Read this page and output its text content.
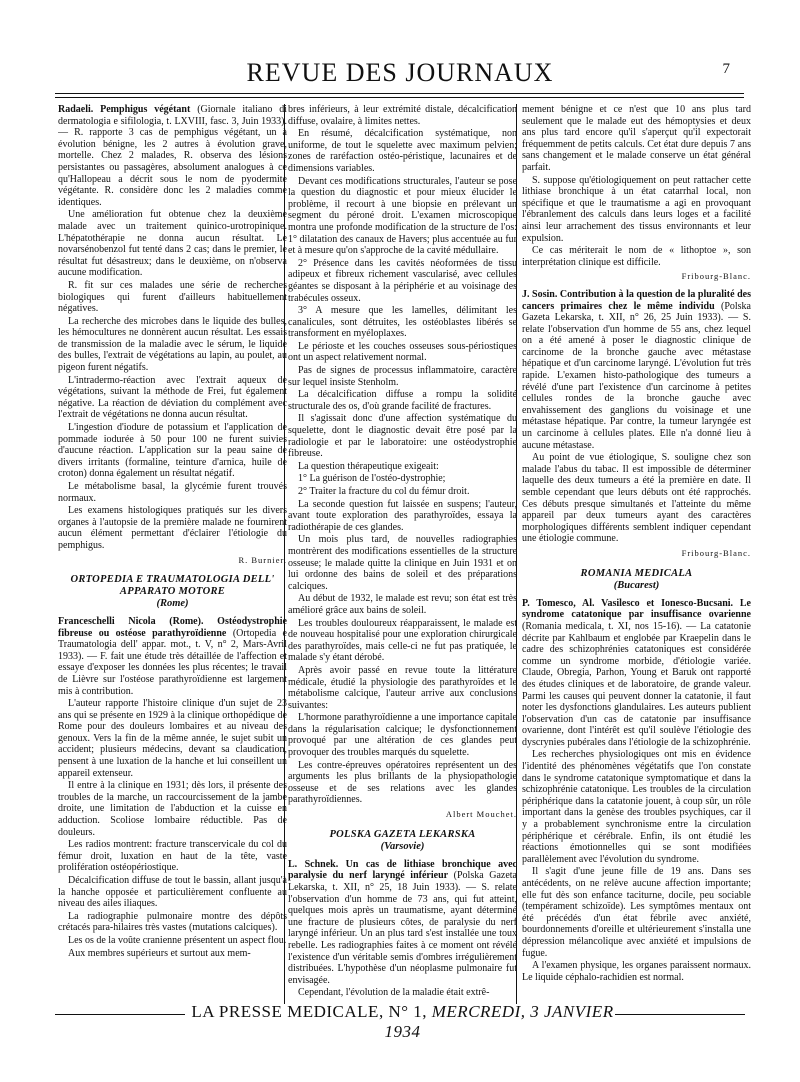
REVUE DES JOURNAUX	7

Radaeli. Pemphigus végétant (Giornale italiano di dermatologia e sifilologia, t. LXVIII, fasc. 3, Juin 1933). — R. rapporte 3 cas de pemphigus végétant, un à évolution bénigne, les 2 autres à évolution grave, mortelle. Chez 2 malades, R. observa des lésions persistantes ou passagères, absolument analogues à ce qu'Hallopeau a décrit sous le nom de pyodermite végétante. R. considère donc les 2 maladies comme identiques.

Une amélioration fut obtenue chez la deuxième malade avec un traitement quinico-urotropinique. L'hépatothérapie ne donna aucun résultat. Le novarsénobenzol fut tenté dans 2 cas; dans le premier, le résultat fut désastreux; dans le deuxième, on n'observa aucune modification.

R. fit sur ces malades une série de recherches biologiques qui furent d'ailleurs habituellement négatives.

La recherche des microbes dans le liquide des bulles, les hémocultures ne donnèrent aucun résultat. Les essais de transmission de la maladie avec le sérum, le liquide des bulles, l'extrait de végétations au lapin, au poulet, au pigeon furent négatifs.

L'intradermo-réaction avec l'extrait aqueux de végétations, suivant la méthode de Frei, fut également négative. La réaction de déviation du complément avec l'extrait de végétations ne donna aucun résultat.

L'ingestion d'iodure de potassium et l'application de pommade iodurée à 50 pour 100 ne furent suivies d'aucune réaction. L'application sur la peau saine de divers irritants (formaline, teinture d'arnica, huile de croton) donna également un résultat négatif.

Le métabolisme basal, la glycémie furent trouvés normaux.

Les examens histologiques pratiqués sur les divers organes à l'autopsie de la première malade ne fournirent aucun élément permettant d'éclairer l'étiologie du pemphigus.

R. Burnier.
ORTOPEDIA E TRAUMATOLOGIA DELL' APPARATO MOTORE
(Rome)

Franceschelli Nicola (Rome). Ostéodystrophie fibreuse ou ostéose parathyroïdienne (Ortopedia e Traumatologia dell' appar. mot., t. V, n° 2, Mars-Avril 1933). — F. fait une étude très détaillée de l'affection et essaye d'exposer les données les plus récentes; le travail de Lièvre sur l'ostéose parathyroïdienne est largement mis à contribution.

L'auteur rapporte l'histoire clinique d'un sujet de 23 ans qui se présente en 1929 à la clinique orthopédique de Rome pour des douleurs lombaires et au niveau des genoux. Vers la fin de la même année, le sujet subit un accident; plusieurs médecins, devant sa claudication, pensent à une luxation de la hanche et lui conseillent un appareil extenseur.

Il entre à la clinique en 1931; dès lors, il présente des troubles de la marche, un raccourcissement de la jambe droite, une limitation de l'abduction et la cuisse en adduction. Scoliose lombaire réductible. Pas de douleurs.

Les radios montrent: fracture transcervicale du col du fémur droit, luxation en haut de la tête, vaste prolifération ostéopériostique.

Décalcification diffuse de tout le bassin, allant jusqu'à la hanche opposée et particulièrement confluente au niveau des ailes iliaques.

La radiographie pulmonaire montre des dépôts crétacés para-hilaires très vastes (mutations calciques).

Les os de la voûte cranienne présentent un aspect flou.

Aux membres supérieurs et surtout aux mem-

bres inférieurs, à leur extrémité distale, décalcification diffuse, ovalaire, à limites nettes.

En résumé, décalcification systématique, non uniforme, de tout le squelette avec maximum pelvien; zones de raréfaction ostéo-péristique, lacunaires et de dimensions variables.

Devant ces modifications structurales, l'auteur se pose la question du diagnostic et pour mieux élucider le problème, il recourt à une biopsie en prélevant un segment du péroné droit. L'examen microscopique montra une profonde modification de la structure de l'os: 1° dilatation des canaux de Havers; plus accentuée au fur et à mesure qu'on s'approche de la cavité médullaire.

2° Présence dans les cavités néoformées de tissu adipeux et fibreux richement vascularisé, avec cellules géantes se disposant à la périphérie et au voisinage des trabécules osseux.

3° A mesure que les lamelles, délimitant les canalicules, sont détruites, les ostéoblastes libérés se transforment en myéloplaxes.

Le périoste et les couches osseuses sous-périostiques ont un aspect relativement normal.

Pas de signes de processus inflammatoire, caractère sur lequel insiste Stenholm.

La décalcification diffuse a rompu la solidité structurale des os, d'où grande facilité de fractures.

Il s'agissait donc d'une affection systématique du squelette, dont le diagnostic devait être posé par la radiologie et par le laboratoire: une ostéodystrophie fibreuse.

La question thérapeutique exigeait:

1° La guérison de l'ostéo-dystrophie;

2° Traiter la fracture du col du fémur droit.

La seconde question fut laissée en suspens; l'auteur, avant toute exploration des parathyroïdes, essaya la radiothérapie de ces glandes.

Un mois plus tard, de nouvelles radiographies montrèrent des modifications essentielles de la structure osseuse; le malade quitte la clinique en Juin 1931 et on lui ordonne des bains de soleil et des préparations calciques.

Au début de 1932, le malade est revu; son état est très amélioré grâce aux bains de soleil.

Les troubles douloureux réapparaissent, le malade est de nouveau hospitalisé pour une exploration chirurgicale des parathyroïdes, mais celle-ci ne fut pas pratiquée, le malade s'y étant dérobé.

Après avoir passé en revue toute la littérature médicale, étudié la physiologie des parathyroïdes et le métabolisme calcique, l'auteur arrive aux conclusions suivantes:

L'hormone parathyroïdienne a une importance capitale dans la régularisation calcique; le dysfonctionnement provoqué par une altération de ces glandes peut provoquer des troubles marqués du squelette.

Les contre-épreuves opératoires représentent un des arguments les plus brillants de la physiopathologie osseuse et de ses relations avec les glandes parathyroïdiennes.

Albert Mouchet.
POLSKA GAZETA LEKARSKA
(Varsovie)

L. Schnek. Un cas de lithiase bronchique avec paralysie du nerf laryngé inférieur (Polska Gazeta Lekarska, t. XII, n° 25, 18 Juin 1933). — S. relate l'observation d'un homme de 73 ans, qui fut atteint, quelques mois après un traumatisme, ayant déterminé une fracture de plusieurs côtes, de paralysie du nerf laryngé inférieur. Un an plus tard s'est installée une toux rebelle. Les radiographies faites à ce moment ont révélé l'existence d'un véritable semis d'ombres irrégulièrement distribuées. L'hypothèse d'un néoplasme pulmonaire fut envisagée.

Cependant, l'évolution de la maladie était extrê-

mement bénigne et ce n'est que 10 ans plus tard seulement que le malade eut des hémoptysies et deux ans plus tard encore qu'il s'aperçut qu'il expectorait fréquemment de petits calculs. Cet état dure depuis 7 ans sans changement et le malade conserve un état général parfait.

S. suppose qu'étiologiquement on peut rattacher cette lithiase bronchique à un état catarrhal local, non spécifique et que le traumatisme a agi en provoquant l'ébranlement des calculs dans leurs loges et a facilité ainsi leur arrachement des tissus environnants et leur expulsion.

Ce cas mériterait le nom de « lithoptoe », son interprétation clinique est difficile.

Fribourg-Blanc.

J. Sosin. Contribution à la question de la pluralité des cancers primaires chez le même individu (Polska Gazeta Lekarska, t. XII, n° 26, 25 Juin 1933). — S. relate l'observation d'un homme de 55 ans, chez lequel on a été amené à poser le diagnostic clinique de carcinome de la bronche gauche avec métastase hépatique et d'un carcinome laryngé. L'évolution fut très rapide. L'examen histo-pathologique des tumeurs a révélé d'une part l'existence d'un carcinome à petites cellules rondes de la bronche gauche avec envahissement des ganglions du voisinage et une métastase hépatique. Par contre, la tumeur laryngée est un carcinome à cellules plates. Elle n'a donné lieu à aucune métastase.

Au point de vue étiologique, S. souligne chez son malade l'abus du tabac. Il est impossible de déterminer laquelle des deux tumeurs a été la première en date. Il semble cependant que leurs débuts ont été rapprochés. Ces débuts presque simultanés et l'atteinte du même appareil par deux tumeurs ayant des caractères morphologiques différents semblent indiquer cependant une étiologie commune.

Fribourg-Blanc.
ROMANIA MEDICALA
(Bucarest)

P. Tomesco, Al. Vasilesco et Ionesco-Bucsani. Le syndrome catatonique par insuffisance ovarienne (Romania medicala, t. XI, nos 15-16). — La catatonie décrite par Kahlbaum et englobée par Kraepelin dans le cadre des schizophrénies catatoniques est considérée comme un syndrome morbide, d'étiologie variée. Claude, Obregia, Parhon, Young et Baruk ont rapporté des études cliniques et de laboratoire, de grande valeur. Parmi les causes qui peuvent donner la catatonie, il faut noter les dysfonctions glandulaires. Les auteurs publient l'observation d'un cas de catatonie par insuffisance ovarienne, dont l'intérêt est qu'il soulève l'étiologie des dyscrynies pubérales dans l'étiologie de la schizophrénie.

Les recherches physiologiques ont mis en évidence l'identité des phénomènes végétatifs que l'on constate dans le syndrome catatonique symptomatique et dans la schizophrénie catatonique. Les troubles de la circulation périphérique dans la catatonie jouent, à coup sûr, un rôle important dans la genèse des troubles psychiques, car il y a probablement synchronisme entre la circulation périphérique et cérébrale. Enfin, ils ont étudié les réactions émotionnelles qui se sont modifiées parallèlement avec l'évolution du syndrome.

Il s'agit d'une jeune fille de 19 ans. Dans ses antécédents, on ne relève aucune affection importante; elle fut dès son enfance taciturne, docile, peu sociable (tempérament schizoïde). Les symptômes mentaux ont été précédés d'un état fébrile avec anxiété, bourdonnements d'oreille et ultérieurement s'installa une dépression mélancolique avec anxiété et impulsions de fugue.

A l'examen physique, les organes paraissent normaux. Le liquide céphalo-rachidien est normal.

LA PRESSE MEDICALE, N° 1, MERCREDI, 3 JANVIER 1934
